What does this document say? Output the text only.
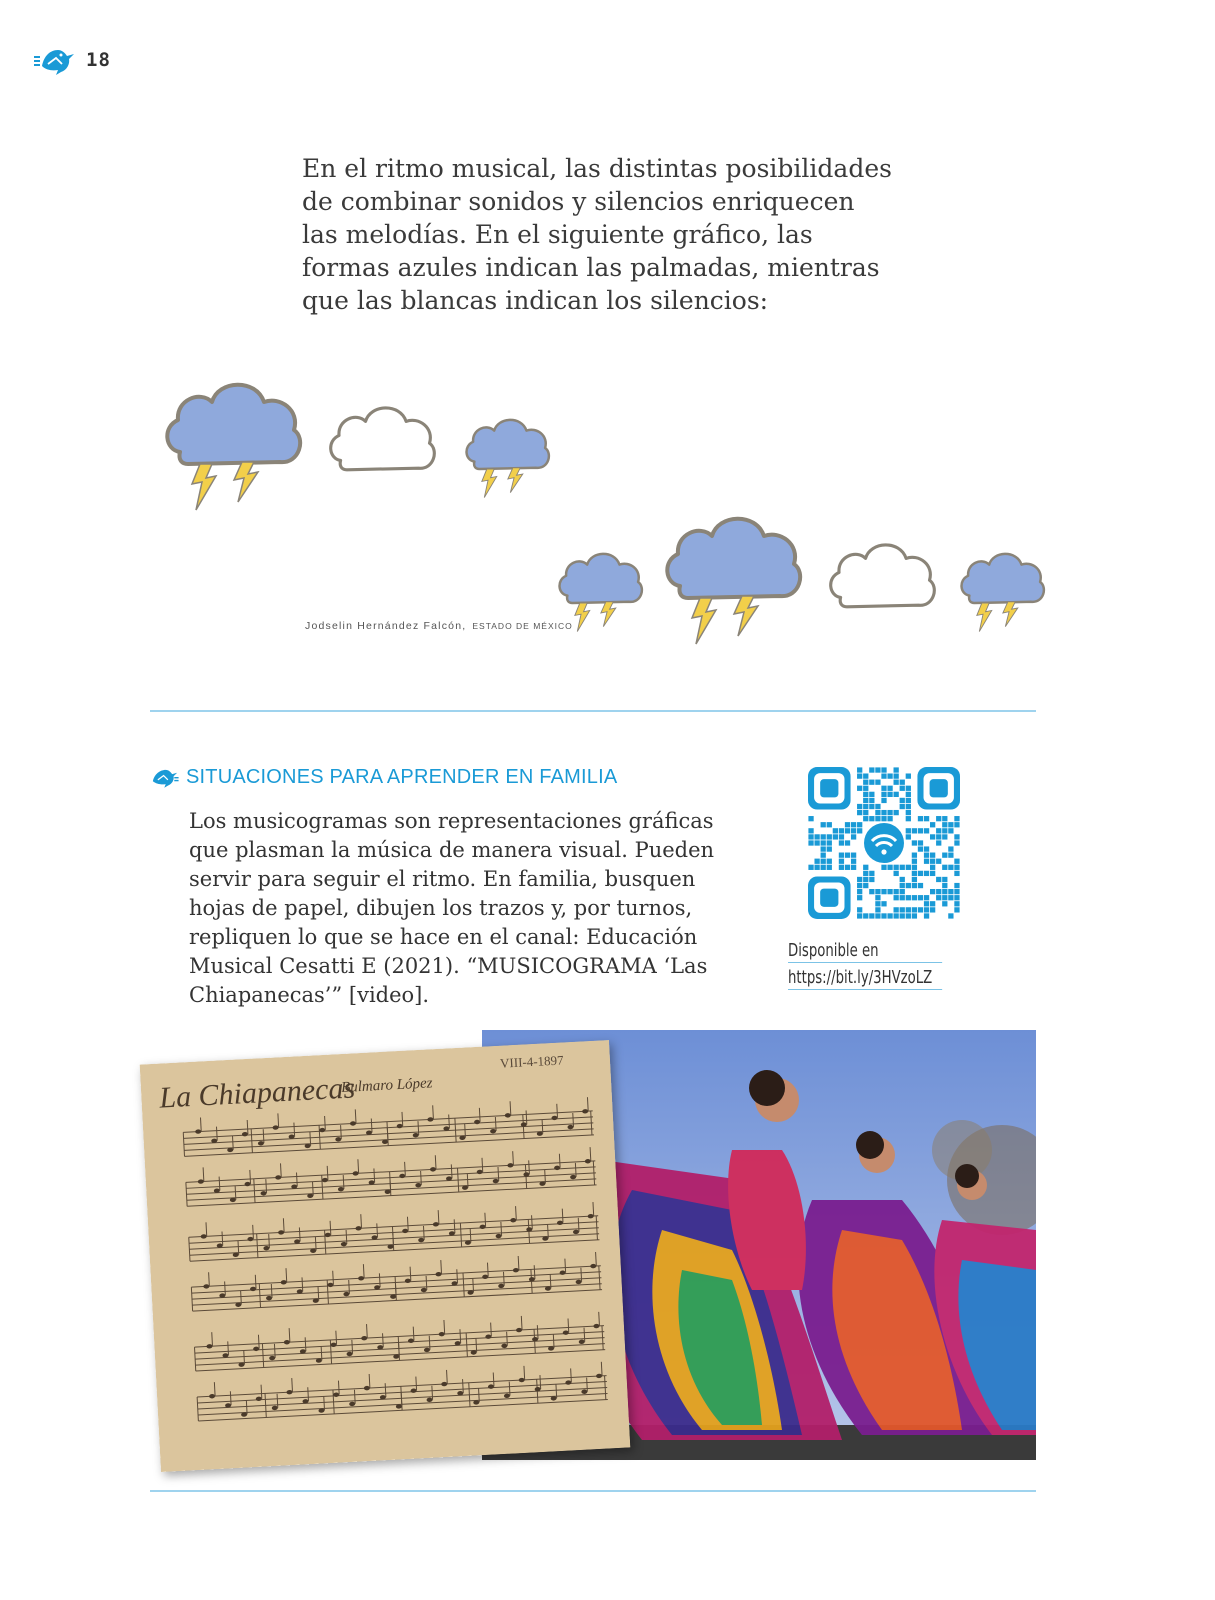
18
En el ritmo musical, las distintas posibilidades
de combinar sonidos y silencios enriquecen
las melodías. En el siguiente gráfico, las
formas azules indican las palmadas, mientras
que las blancas indican los silencios:
Jodselin Hernández Falcón, ESTADO DE MÉXICO
SITUACIONES PARA APRENDER EN FAMILIA
Los musicogramas son representaciones gráficas
que plasman la música de manera visual. Pueden
servir para seguir el ritmo. En familia, busquen
hojas de papel, dibujen los trazos y, por turnos,
repliquen lo que se hace en el canal: Educación
Musical Cesatti E (2021). “MUSICOGRAMA ‘Las
Chiapanecas’” [video].
Disponible en
https://bit.ly/3HVzoLZ
La Chiapanecas
Bulmaro López
VIII-4-1897
